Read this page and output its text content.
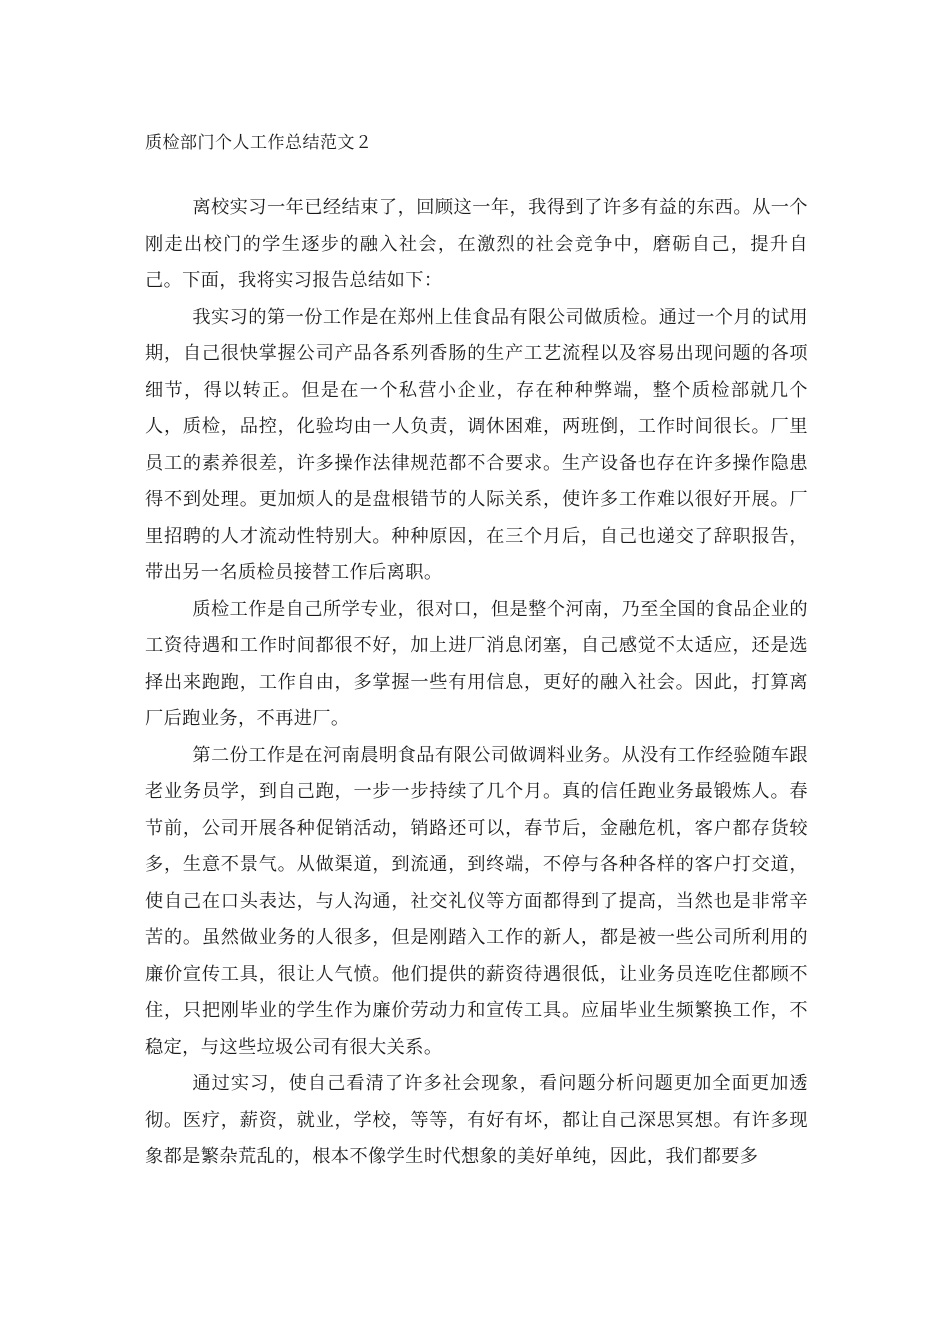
质检部门个人工作总结范文２

离校实习一年已经结束了，回顾这一年，我得到了许多有益的东西。从一个刚走出校门的学生逐步的融入社会，在激烈的社会竞争中，磨砺自己，提升自己。下面，我将实习报告总结如下：

我实习的第一份工作是在郑州上佳食品有限公司做质检。通过一个月的试用期，自己很快掌握公司产品各系列香肠的生产工艺流程以及容易出现问题的各项细节，得以转正。但是在一个私营小企业，存在种种弊端，整个质检部就几个人，质检，品控，化验均由一人负责，调休困难，两班倒，工作时间很长。厂里员工的素养很差，许多操作法律规范都不合要求。生产设备也存在许多操作隐患得不到处理。更加烦人的是盘根错节的人际关系，使许多工作难以很好开展。厂里招聘的人才流动性特别大。种种原因，在三个月后，自己也递交了辞职报告，带出另一名质检员接替工作后离职。

质检工作是自己所学专业，很对口，但是整个河南，乃至全国的食品企业的工资待遇和工作时间都很不好，加上进厂消息闭塞，自己感觉不太适应，还是选择出来跑跑，工作自由，多掌握一些有用信息，更好的融入社会。因此，打算离厂后跑业务，不再进厂。

第二份工作是在河南晨明食品有限公司做调料业务。从没有工作经验随车跟老业务员学，到自己跑，一步一步持续了几个月。真的信任跑业务最锻炼人。春节前，公司开展各种促销活动，销路还可以，春节后，金融危机，客户都存货较多，生意不景气。从做渠道，到流通，到终端，不停与各种各样的客户打交道，使自己在口头表达，与人沟通，社交礼仪等方面都得到了提高，当然也是非常辛苦的。虽然做业务的人很多，但是刚踏入工作的新人，都是被一些公司所利用的廉价宣传工具，很让人气愤。他们提供的薪资待遇很低，让业务员连吃住都顾不住，只把刚毕业的学生作为廉价劳动力和宣传工具。应届毕业生频繁换工作，不稳定，与这些垃圾公司有很大关系。

通过实习，使自己看清了许多社会现象，看问题分析问题更加全面更加透彻。医疗，薪资，就业，学校，等等，有好有坏，都让自己深思冥想。有许多现象都是繁杂荒乱的，根本不像学生时代想象的美好单纯，因此，我们都要多
